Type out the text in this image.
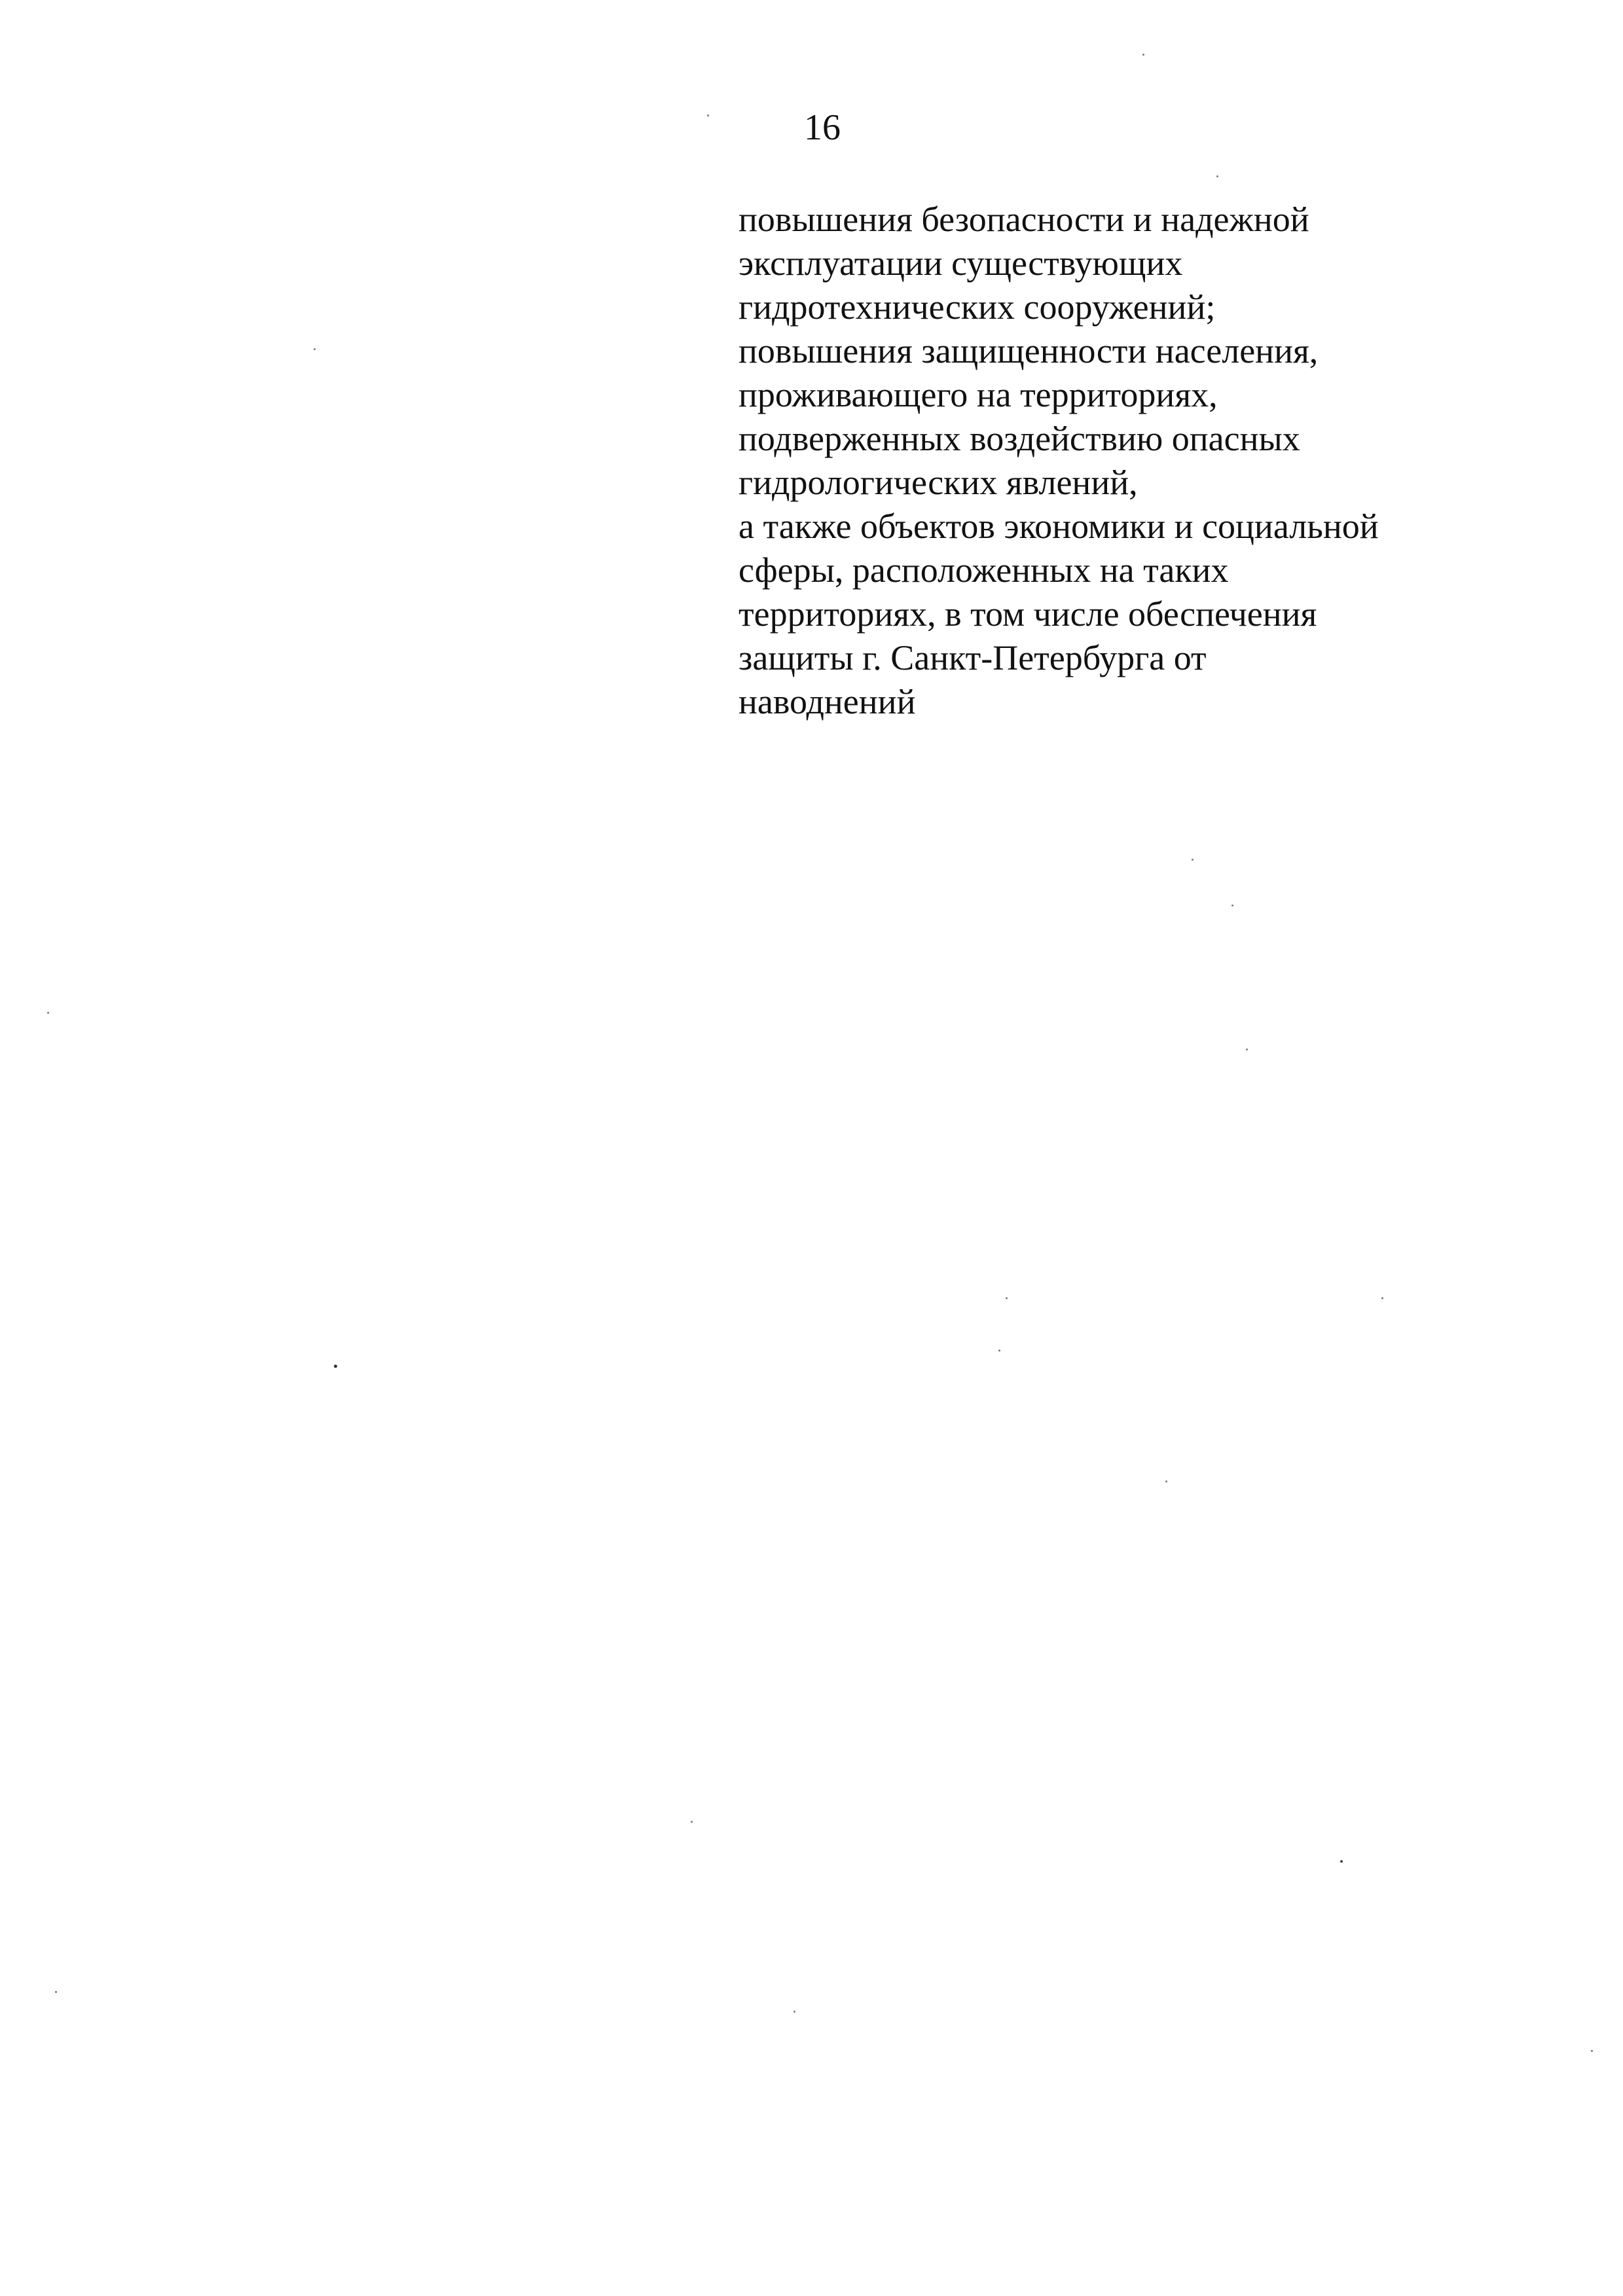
16
повышения безопасности и надежной
эксплуатации существующих
гидротехнических сооружений;
повышения защищенности населения,
проживающего на территориях,
подверженных воздействию опасных
гидрологических явлений,
а также объектов экономики и социальной
сферы, расположенных на таких
территориях, в том числе обеспечения
защиты г. Санкт-Петербурга от
наводнений
